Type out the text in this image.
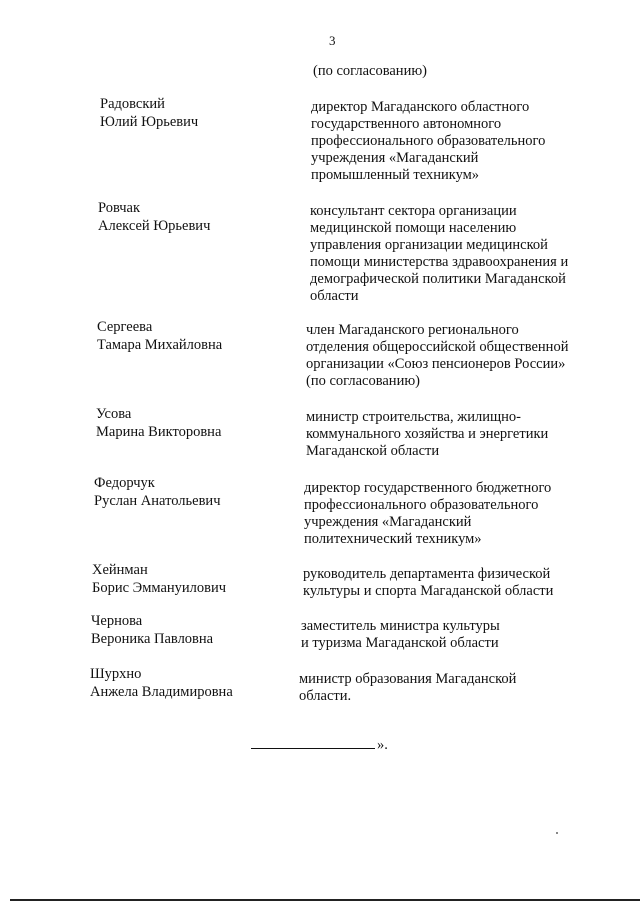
3
(по согласованию)
Радовский
Юлий Юрьевич
директор Магаданского областного
государственного автономного
профессионального образовательного
учреждения «Магаданский
промышленный техникум»
Ровчак
Алексей Юрьевич
консультант сектора организации
медицинской помощи населению
управления организации медицинской
помощи министерства здравоохранения и
демографической политики Магаданской
области
Сергеева
Тамара Михайловна
член Магаданского регионального
отделения общероссийской общественной
организации «Союз пенсионеров России»
(по согласованию)
Усова
Марина Викторовна
министр строительства, жилищно-
коммунального хозяйства и энергетики
Магаданской области
Федорчук
Руслан Анатольевич
директор государственного бюджетного
профессионального образовательного
учреждения «Магаданский
политехнический техникум»
Хейнман
Борис Эммануилович
руководитель департамента физической
культуры и спорта Магаданской области
Чернова
Вероника Павловна
заместитель министра культуры
и туризма Магаданской области
Шурхно
Анжела Владимировна
министр образования Магаданской
области.
».
